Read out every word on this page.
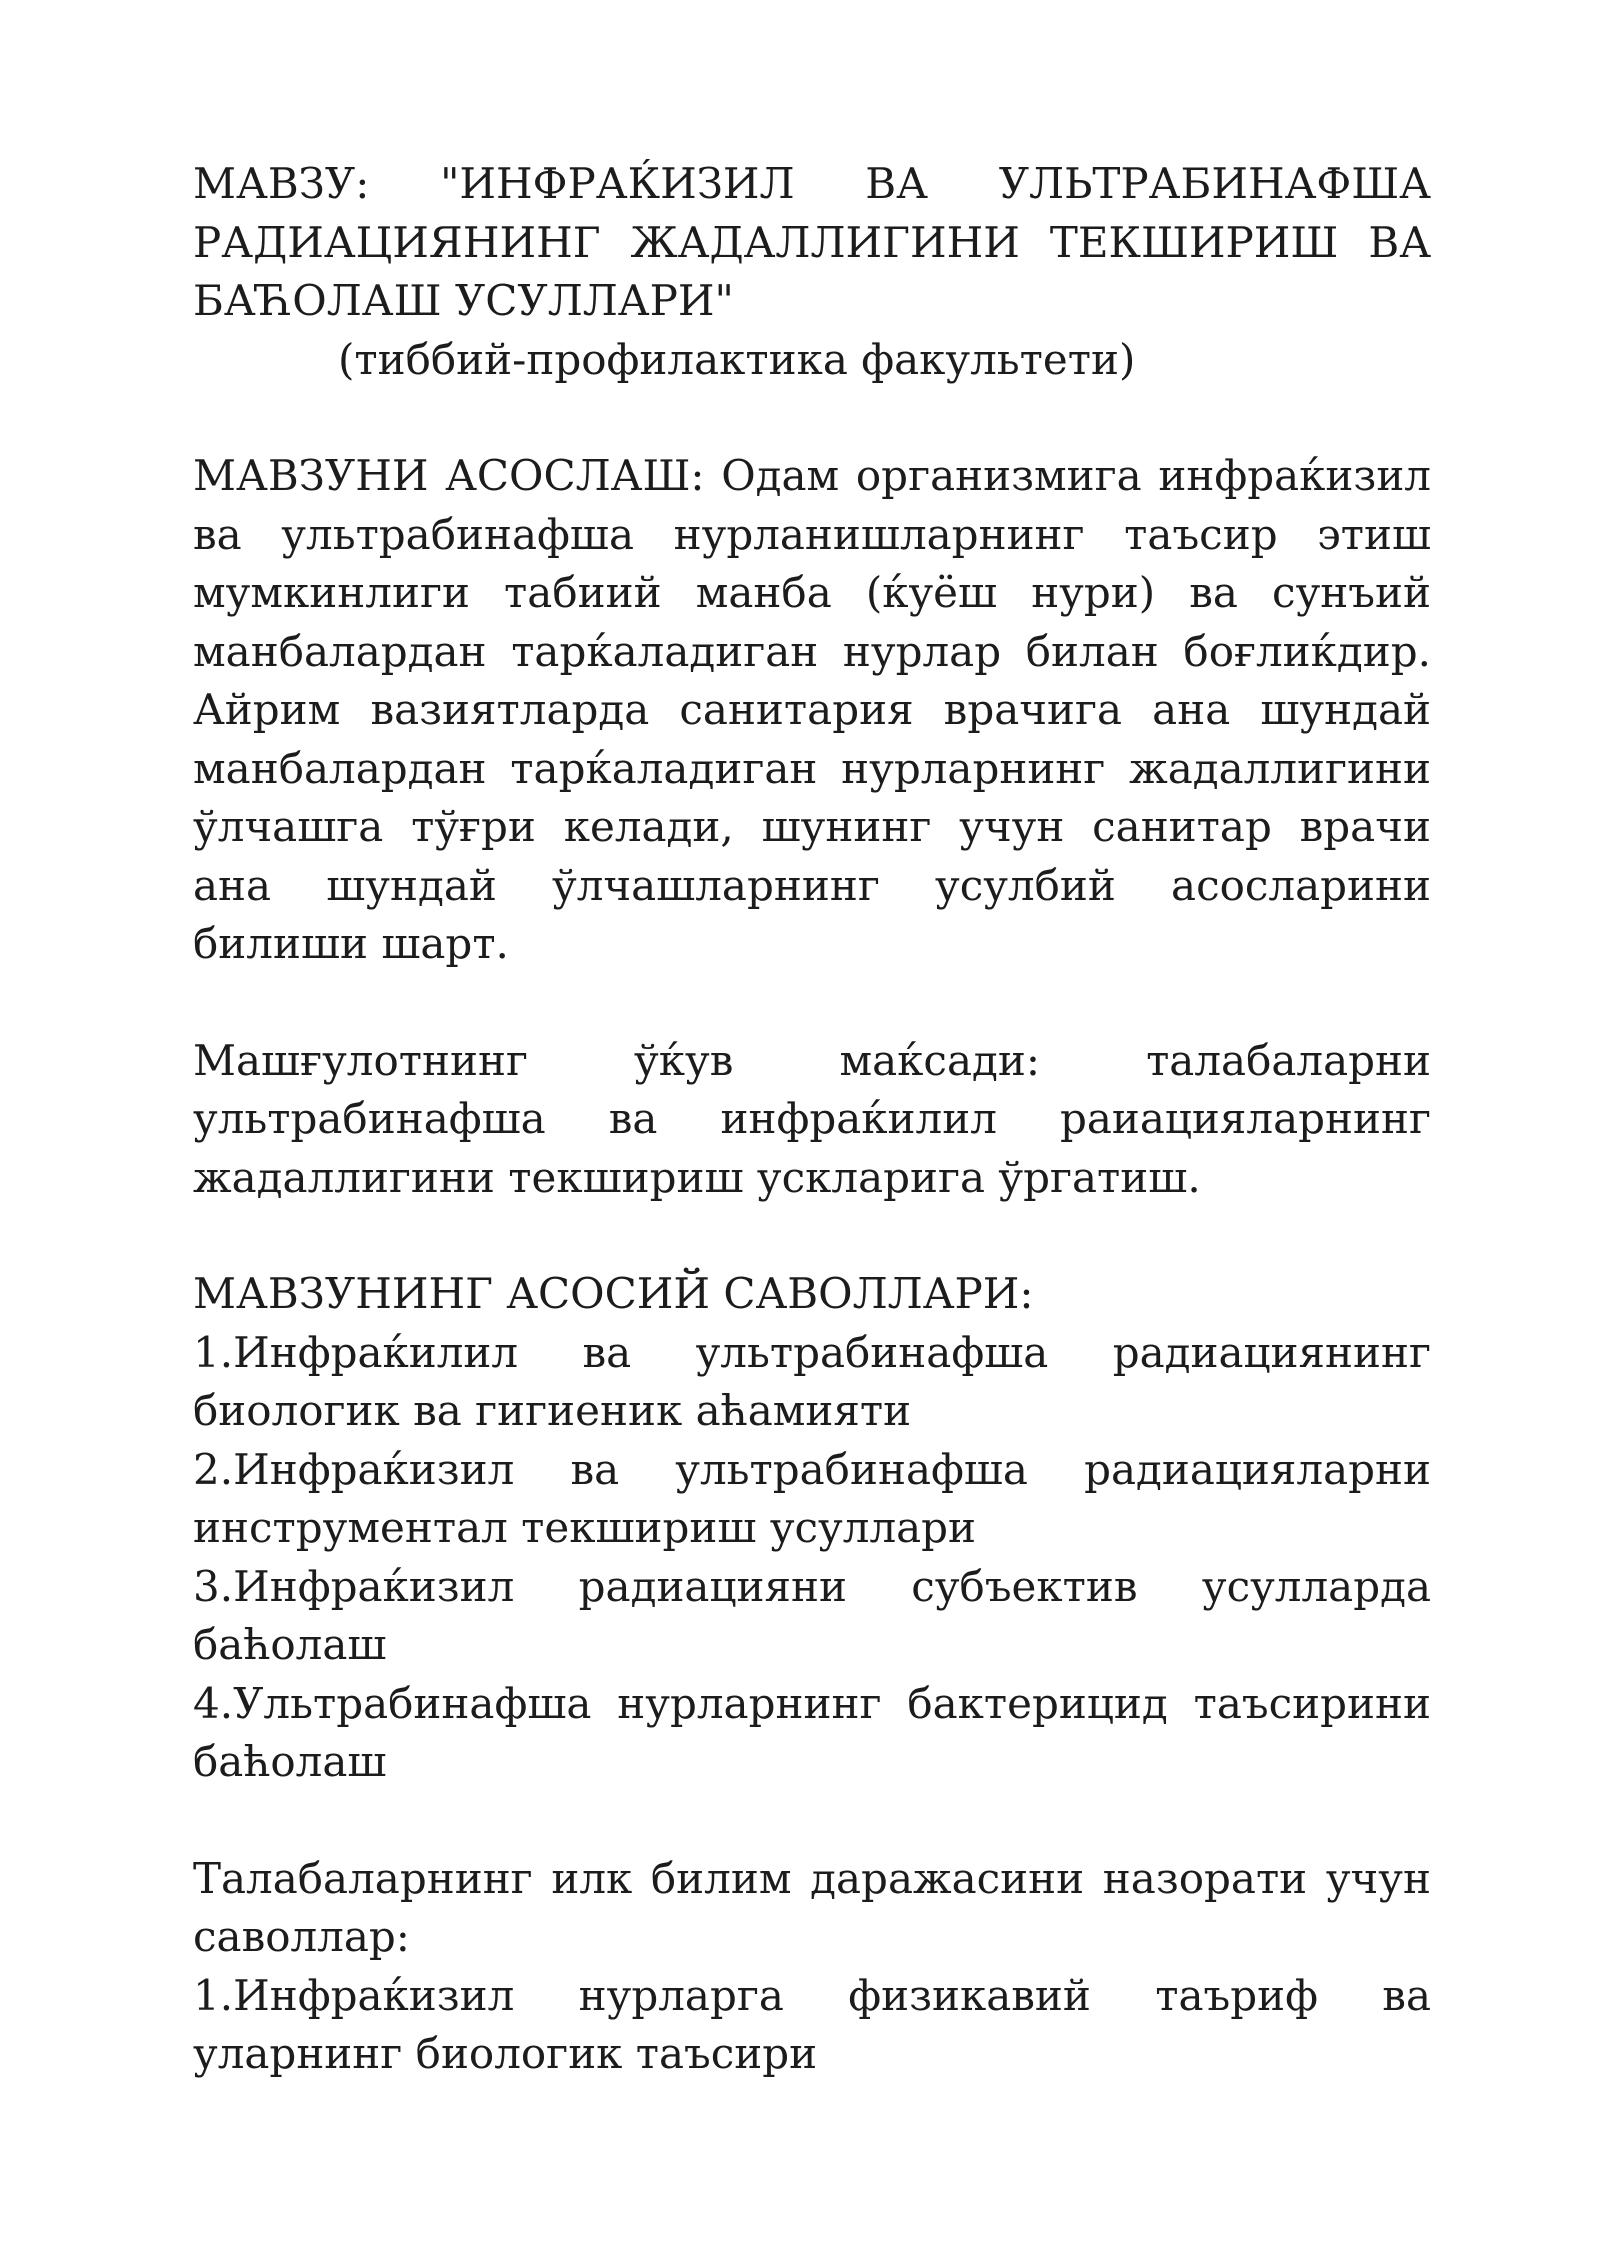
МАВЗУ: "ИНФРАЌИЗИЛ ВА УЛЬТРАБИНАФША РАДИАЦИЯНИНГ ЖАДАЛЛИГИНИ ТЕКШИРИШ ВА БАЋОЛАШ УСУЛЛАРИ"

(тиббий-профилактика факультети)

МАВЗУНИ АСОСЛАШ: Одам организмига инфраќизил ва ультрабинафша нурланишларнинг таъсир этиш мумкинлиги табиий манба (ќуёш нури) ва сунъий манбалардан тарќаладиган нурлар билан боғлиќдир. Айрим вазиятларда санитария врачига ана шундай манбалардан тарќаладиган нурларнинг жадаллигини ўлчашга тўғри келади, шунинг учун санитар врачи ана шундай ўлчашларнинг усулбий асосларини билиши шарт.

Машғулотнинг ўќув маќсади: талабаларни ультрабинафша ва инфраќилил раиацияларнинг жадаллигини текшириш ускларига ўргатиш.

МАВЗУНИНГ АСОСИЙ САВОЛЛАРИ:

1.Инфраќилил ва ультрабинафша радиациянинг биологик ва гигиеник аћамияти

2.Инфраќизил ва ультрабинафша радиацияларни инструментал текшириш усуллари

3.Инфраќизил радиацияни субъектив усулларда баћолаш

4.Ультрабинафша нурларнинг бактерицид таъсирини баћолаш

Талабаларнинг илк билим даражасини назорати учун саволлар:

1.Инфраќизил нурларга физикавий таъриф ва уларнинг биологик таъсири
